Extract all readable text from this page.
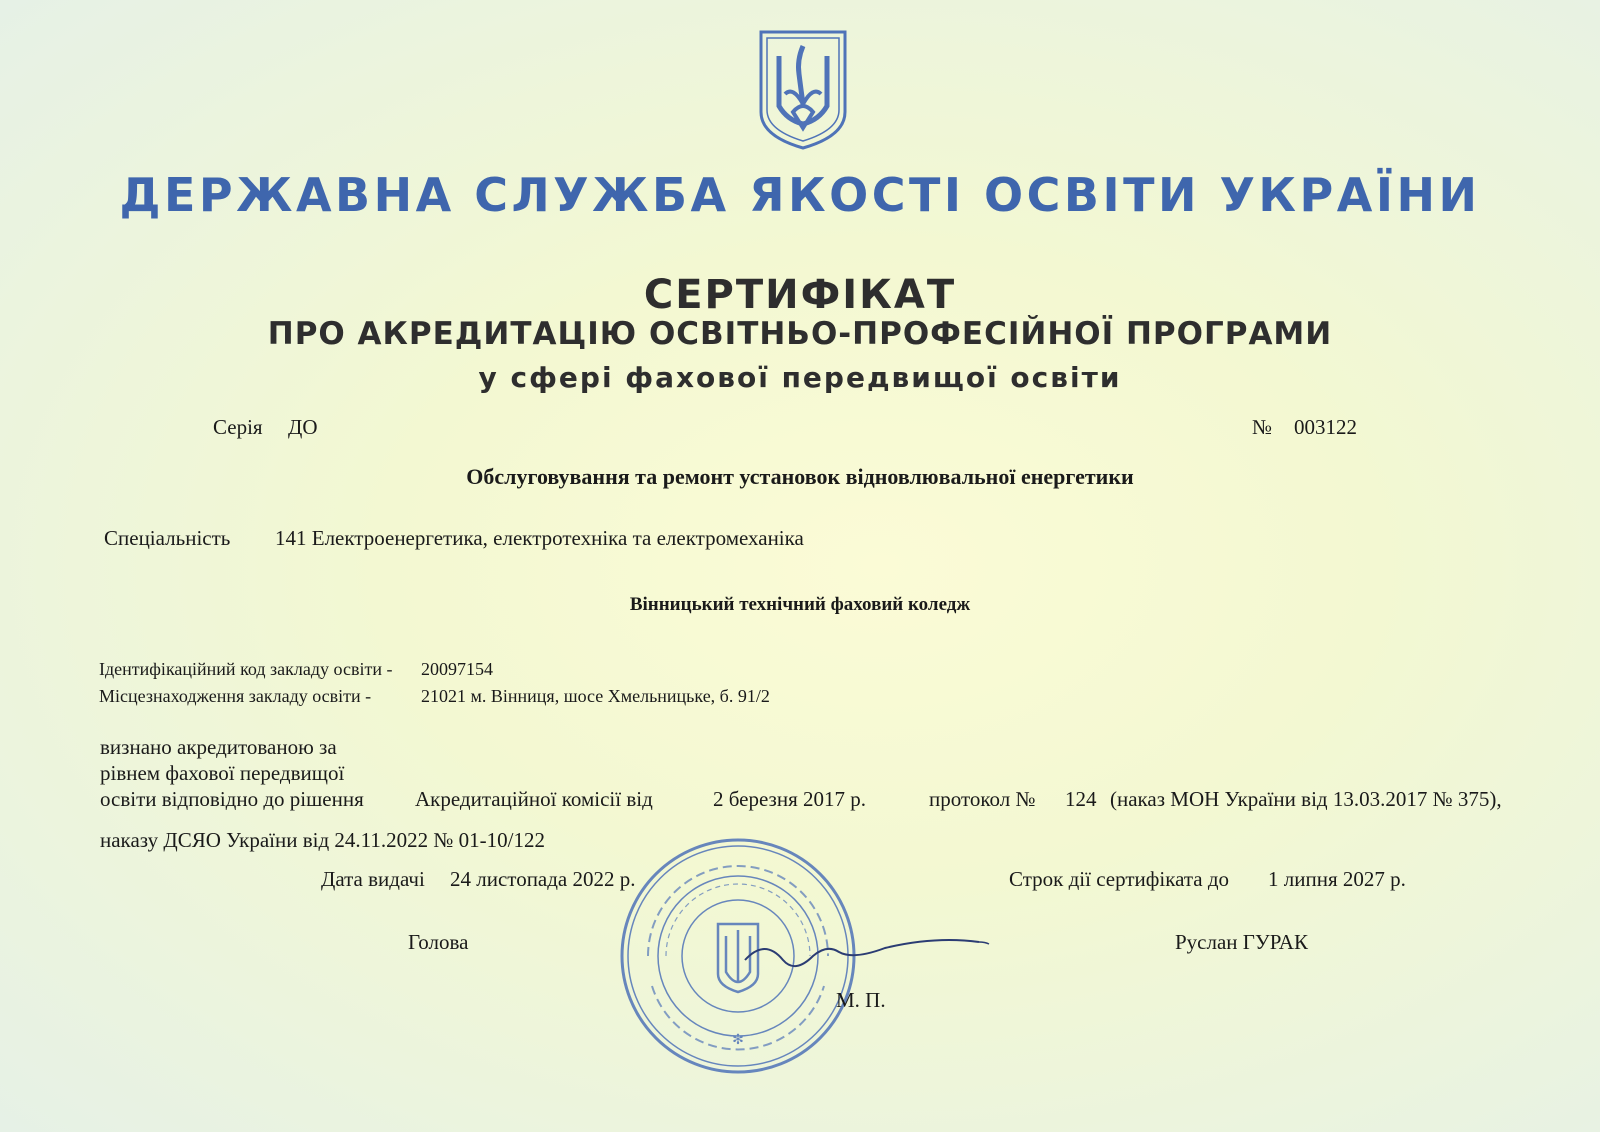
ДЕРЖАВНА СЛУЖБА ЯКОСТІ ОСВІТИ УКРАЇНИ
СЕРТИФІКАТ
ПРО АКРЕДИТАЦІЮ ОСВІТНЬО-ПРОФЕСІЙНОЇ ПРОГРАМИ
у сфері фахової передвищої освіти
Серія ДО	№ 003122
Обслуговування та ремонт установок відновлювальної енергетики
Спеціальність 141 Електроенергетика, електротехніка та електромеханіка
Вінницький технічний фаховий коледж
Ідентифікаційний код закладу освіти - 20097154
Місцезнаходження закладу освіти -	21021 м. Вінниця, шосе Хмельницьке, б. 91/2
визнано акредитованою за
рівнем фахової передвищої
освіти відповідно до рішення Акредитаційної комісії від	2 березня 2017 р.	протокол № 124 (наказ МОН України від 13.03.2017 № 375),
наказу ДСЯО України від 24.11.2022 № 01-10/122
✻
Дата видачі 24 листопада 2022 р.	Строк дії сертифіката до 1 липня 2027 р.
Голова	Руслан ГУРАК
М. П.
